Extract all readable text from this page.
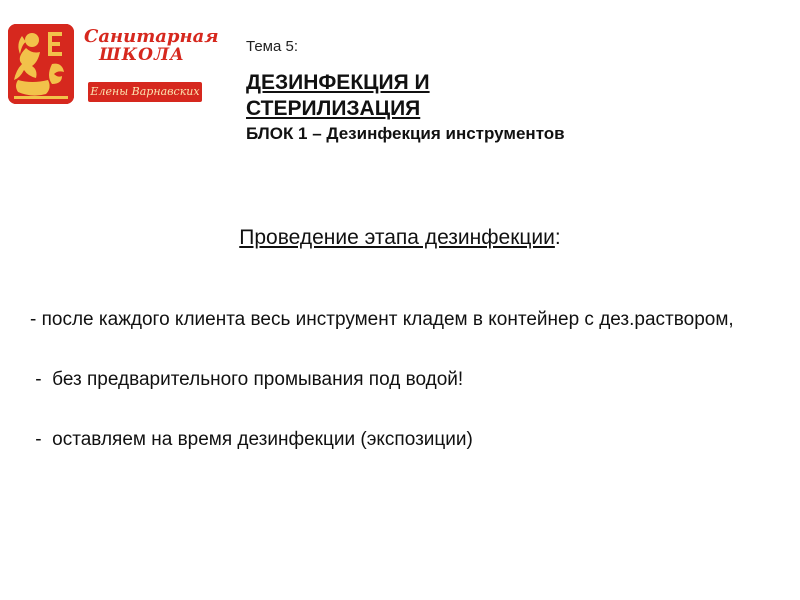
Санитарная
ШКОЛА
Елены Варнавских
Тема 5:
ДЕЗИНФЕКЦИЯ И СТЕРИЛИЗАЦИЯ
БЛОК 1 – Дезинфекция инструментов
Проведение этапа дезинфекции:

- после каждого клиента весь инструмент кладем в контейнер с дез.раствором,

-  без предварительного промывания под водой!

-  оставляем на время дезинфекции (экспозиции)
